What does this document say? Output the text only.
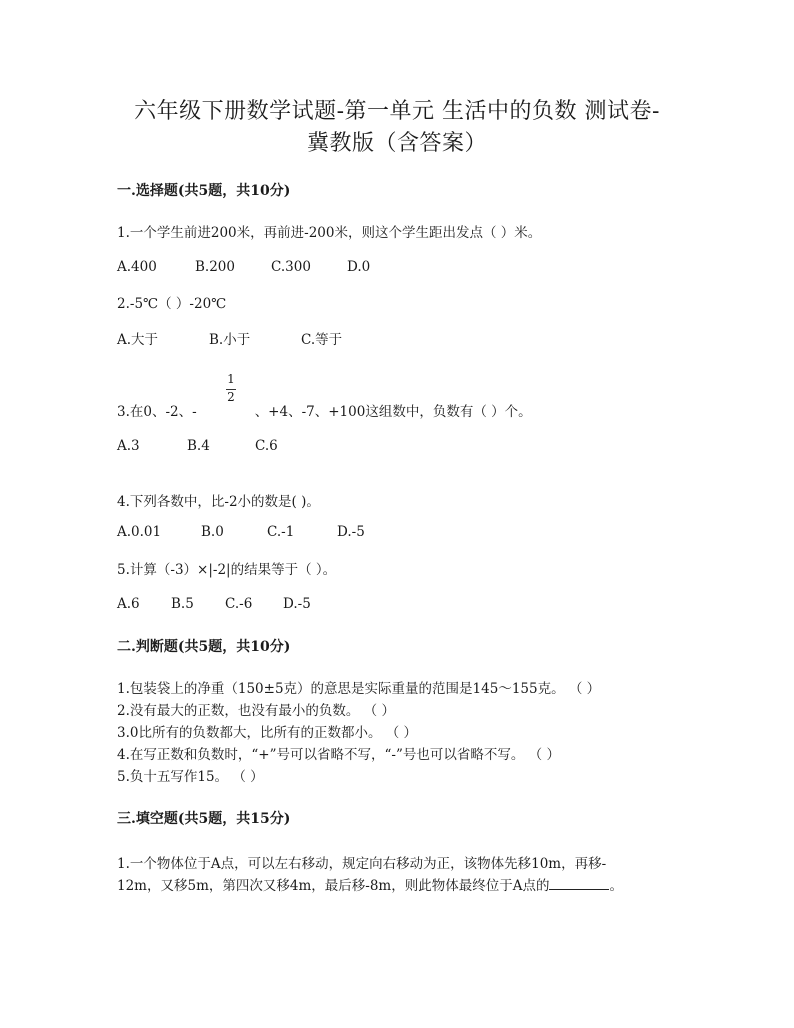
六年级下册数学试题-第一单元 生活中的负数 测试卷-
冀教版（含答案）
一.选择题(共5题，共10分)
1.一个学生前进200米，再前进-200米，则这个学生距出发点（ ）米。
A.400	B.200	C.300	D.0
2.-5℃（ ）-20℃
A.大于	B.小于	C.等于
3.在0、-2、-	、+4、-7、+100这组数中，负数有（ ）个。
1
2
A.3	B.4	C.6
4.下列各数中，比-2小的数是( )。
A.0.01	B.0	C.-1	D.-5
5.计算（-3）×|-2|的结果等于（ ）。
A.6 B.5 C.-6 D.-5
二.判断题(共5题，共10分)
1.包装袋上的净重（150±5克）的意思是实际重量的范围是145～155克。 （ ）
2.没有最大的正数，也没有最小的负数。 （ ）
3.0比所有的负数都大，比所有的正数都小。 （ ）
4.在写正数和负数时，“+”号可以省略不写，“-”号也可以省略不写。 （ ）
5.负十五写作15。 （ ）
三.填空题(共5题，共15分)
1.一个物体位于A点，可以左右移动，规定向右移动为正，该物体先移10m，再移-
12m，又移5m，第四次又移4m，最后移-8m，则此物体最终位于A点的	。
